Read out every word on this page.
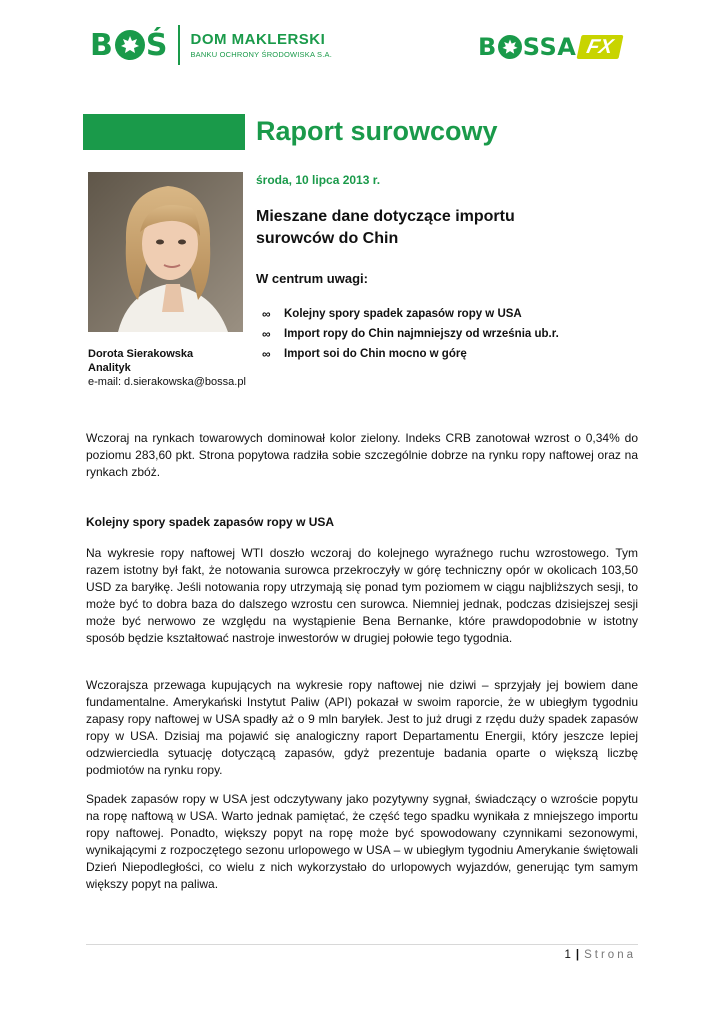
B Ś DOM MAKLERSKI
BANKU OCHRONY ŚRODOWISKA S.A.	B SSA FX
Raport surowcowy
środa, 10 lipca 2013 r.
Mieszane dane dotyczące importu surowców do Chin
W centrum uwagi:
∞	Kolejny spory spadek zapasów ropy w USA
∞	Import ropy do Chin najmniejszy od września ub.r.
∞	Import soi do Chin mocno w górę
Dorota Sierakowska
Analityk
e-mail: d.sierakowska@bossa.pl

Wczoraj na rynkach towarowych dominował kolor zielony. Indeks CRB zanotował wzrost o 0,34% do poziomu 283,60 pkt. Strona popytowa radziła sobie szczególnie dobrze na rynku ropy naftowej oraz na rynkach zbóż.

Kolejny spory spadek zapasów ropy w USA

Na wykresie ropy naftowej WTI doszło wczoraj do kolejnego wyraźnego ruchu wzrostowego. Tym razem istotny był fakt, że notowania surowca przekroczyły w górę techniczny opór w okolicach 103,50 USD za baryłkę. Jeśli notowania ropy utrzymają się ponad tym poziomem w ciągu najbliższych sesji, to może być to dobra baza do dalszego wzrostu cen surowca. Niemniej jednak, podczas dzisiejszej sesji może być nerwowo ze względu na wystąpienie Bena Bernanke, które prawdopodobnie w istotny sposób będzie kształtować nastroje inwestorów w drugiej połowie tego tygodnia.

Wczorajsza przewaga kupujących na wykresie ropy naftowej nie dziwi – sprzyjały jej bowiem dane fundamentalne. Amerykański Instytut Paliw (API) pokazał w swoim raporcie, że w ubiegłym tygodniu zapasy ropy naftowej w USA spadły aż o 9 mln baryłek. Jest to już drugi z rzędu duży spadek zapasów ropy w USA. Dzisiaj ma pojawić się analogiczny raport Departamentu Energii, który jeszcze lepiej odzwierciedla sytuację dotyczącą zapasów, gdyż prezentuje badania oparte o większą liczbę podmiotów na rynku ropy.

Spadek zapasów ropy w USA jest odczytywany jako pozytywny sygnał, świadczący o wzroście popytu na ropę naftową w USA. Warto jednak pamiętać, że część tego spadku wynikała z mniejszego importu ropy naftowej. Ponadto, większy popyt na ropę może być spowodowany czynnikami sezonowymi, wynikającymi z rozpoczętego sezonu urlopowego w USA – w ubiegłym tygodniu Amerykanie świętowali Dzień Niepodległości, co wielu z nich wykorzystało do urlopowych wyjazdów, generując tym samym większy popyt na paliwa.

1 | Strona
